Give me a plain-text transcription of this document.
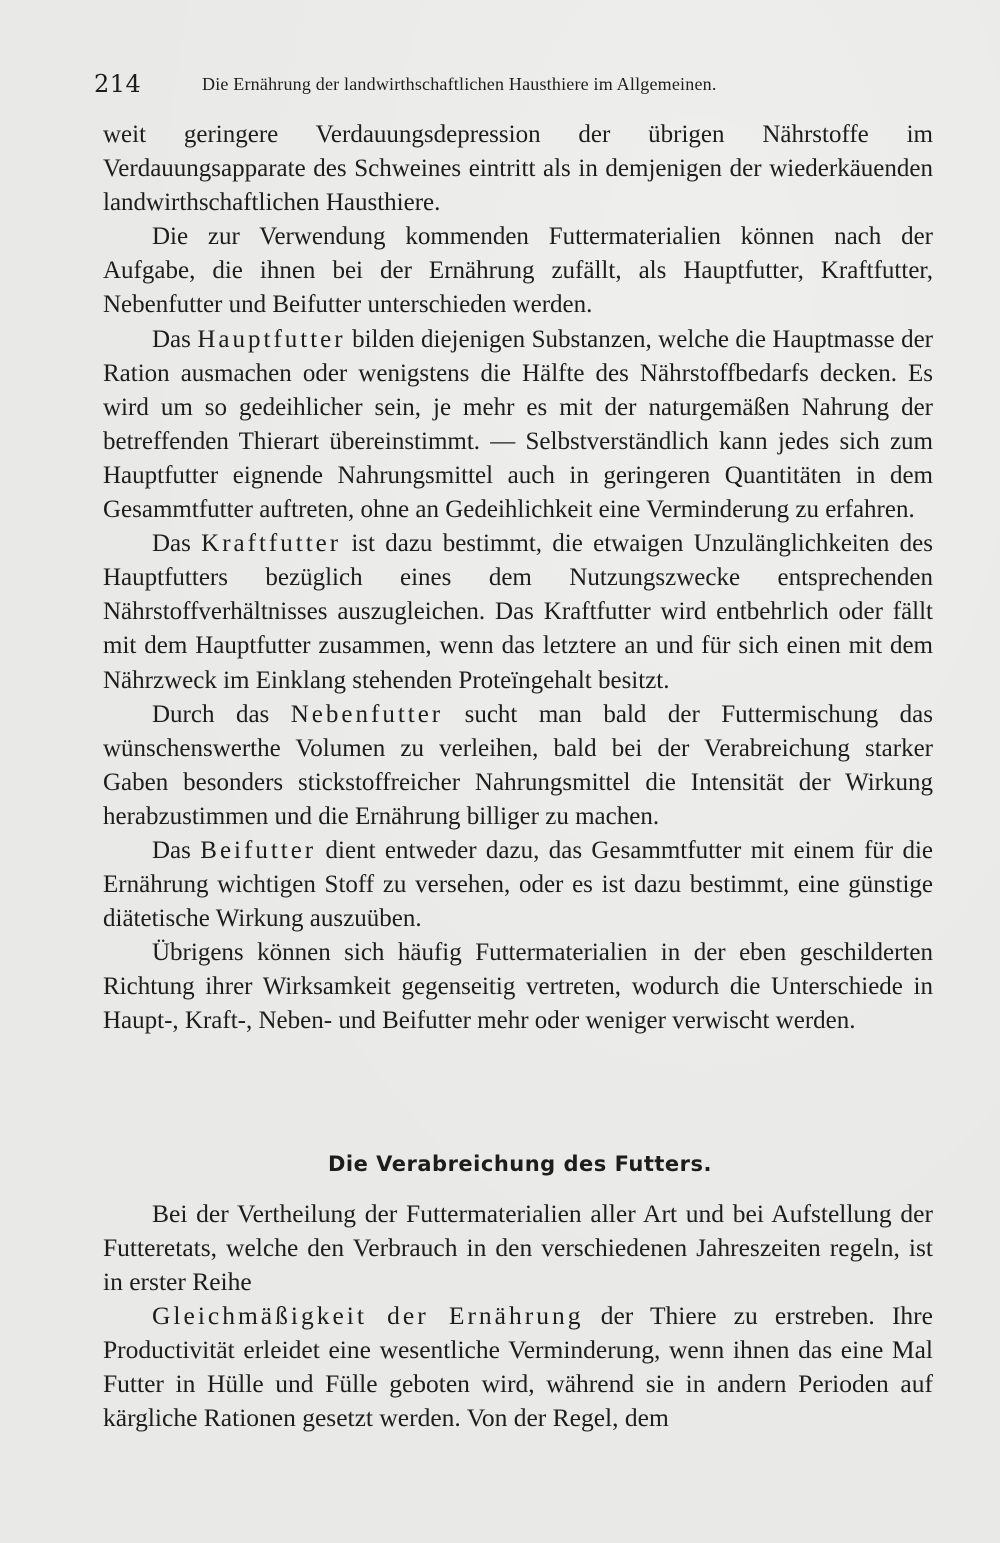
214	Die Ernährung der landwirthschaftlichen Hausthiere im Allgemeinen.

weit geringere Verdauungsdepression der übrigen Nährstoffe im Verdauungsapparate des Schweines eintritt als in demjenigen der wiederkäuenden landwirthschaftlichen Hausthiere.

Die zur Verwendung kommenden Futtermaterialien können nach der Aufgabe, die ihnen bei der Ernährung zufällt, als Hauptfutter, Kraftfutter, Nebenfutter und Beifutter unterschieden werden.

Das Hauptfutter bilden diejenigen Substanzen, welche die Hauptmasse der Ration ausmachen oder wenigstens die Hälfte des Nährstoffbedarfs decken. Es wird um so gedeihlicher sein, je mehr es mit der naturgemäßen Nahrung der betreffenden Thierart übereinstimmt. — Selbstverständlich kann jedes sich zum Hauptfutter eignende Nahrungsmittel auch in geringeren Quantitäten in dem Gesammtfutter auftreten, ohne an Gedeihlichkeit eine Verminderung zu erfahren.

Das Kraftfutter ist dazu bestimmt, die etwaigen Unzulänglichkeiten des Hauptfutters bezüglich eines dem Nutzungszwecke entsprechenden Nährstoffverhältnisses auszugleichen. Das Kraftfutter wird entbehrlich oder fällt mit dem Hauptfutter zusammen, wenn das letztere an und für sich einen mit dem Nährzweck im Einklang stehenden Proteïngehalt besitzt.

Durch das Nebenfutter sucht man bald der Futtermischung das wünschenswerthe Volumen zu verleihen, bald bei der Verabreichung starker Gaben besonders stickstoffreicher Nahrungsmittel die Intensität der Wirkung herabzustimmen und die Ernährung billiger zu machen.

Das Beifutter dient entweder dazu, das Gesammtfutter mit einem für die Ernährung wichtigen Stoff zu versehen, oder es ist dazu bestimmt, eine günstige diätetische Wirkung auszuüben.

Übrigens können sich häufig Futtermaterialien in der eben geschilderten Richtung ihrer Wirksamkeit gegenseitig vertreten, wodurch die Unterschiede in Haupt-, Kraft-, Neben- und Beifutter mehr oder weniger verwischt werden.

Die Verabreichung des Futters.

Bei der Vertheilung der Futtermaterialien aller Art und bei Aufstellung der Futteretats, welche den Verbrauch in den verschiedenen Jahreszeiten regeln, ist in erster Reihe

Gleichmäßigkeit der Ernährung der Thiere zu erstreben. Ihre Productivität erleidet eine wesentliche Verminderung, wenn ihnen das eine Mal Futter in Hülle und Fülle geboten wird, während sie in andern Perioden auf kärgliche Rationen gesetzt werden. Von der Regel, dem
